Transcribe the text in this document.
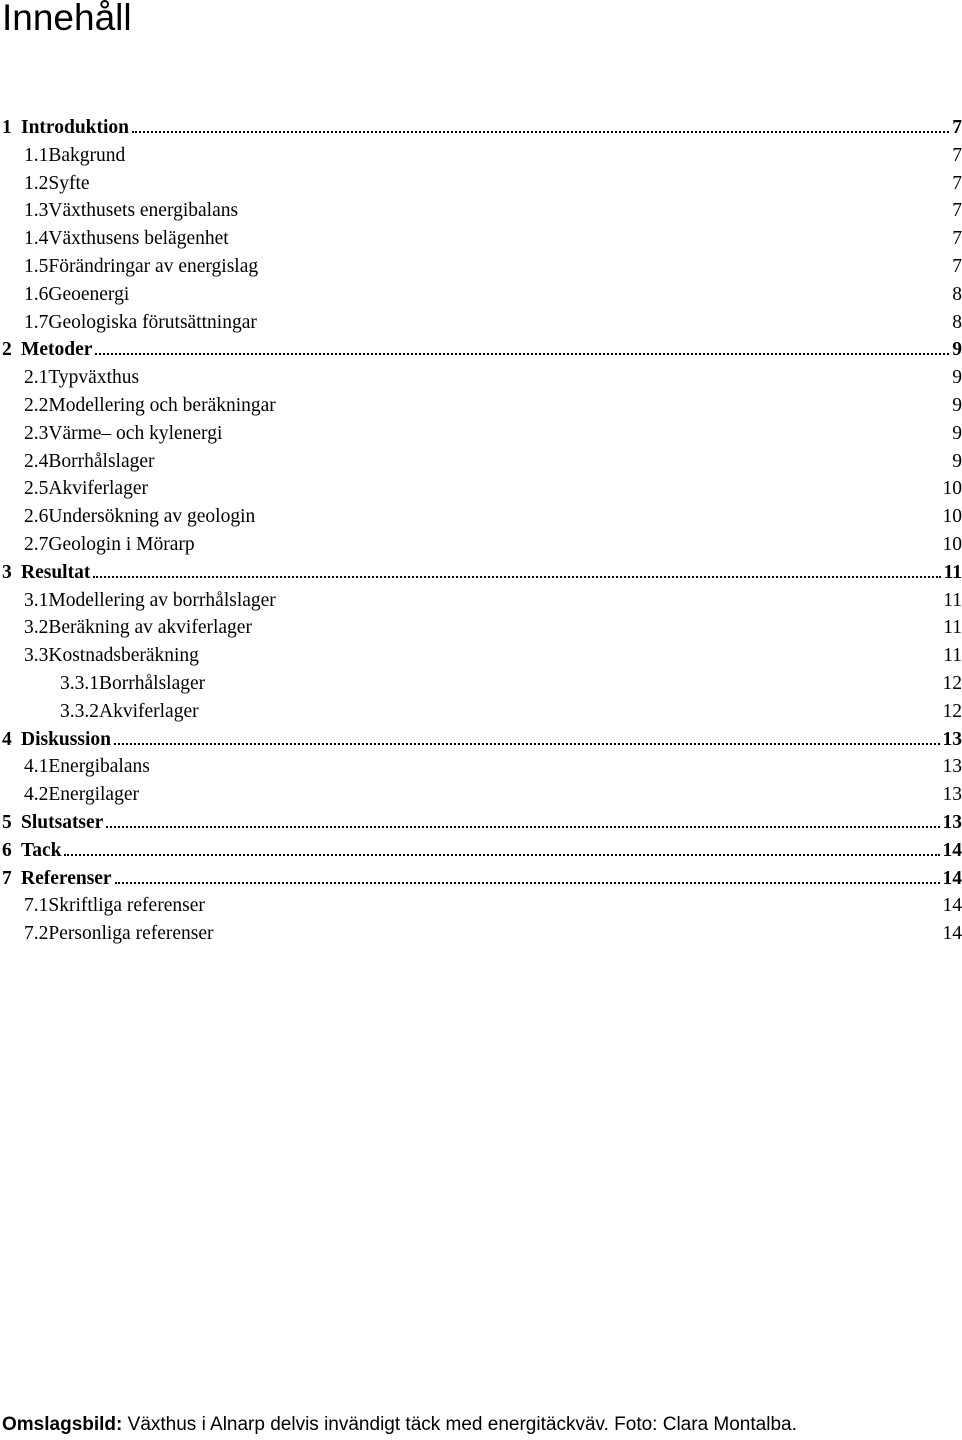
Innehåll
1 Introduktion	7
1.1 Bakgrund	7
1.2 Syfte	7
1.3 Växthusets energibalans	7
1.4 Växthusens belägenhet	7
1.5 Förändringar av energislag	7
1.6 Geoenergi	8
1.7 Geologiska förutsättningar	8
2 Metoder	9
2.1 Typväxthus	9
2.2 Modellering och beräkningar	9
2.3 Värme– och kylenergi	9
2.4 Borrhålslager	9
2.5 Akviferlager	10
2.6 Undersökning av geologin	10
2.7 Geologin i Mörarp	10
3 Resultat	11
3.1 Modellering av borrhålslager	11
3.2 Beräkning av akviferlager	11
3.3 Kostnadsberäkning	11
3.3.1 Borrhålslager	12
3.3.2 Akviferlager	12
4 Diskussion	13
4.1 Energibalans	13
4.2 Energilager	13
5 Slutsatser	13
6 Tack	14
7 Referenser	14
7.1 Skriftliga referenser	14
7.2 Personliga referenser	14
Omslagsbild: Växthus i Alnarp delvis invändigt täck med energitäckväv. Foto: Clara Montalba.
